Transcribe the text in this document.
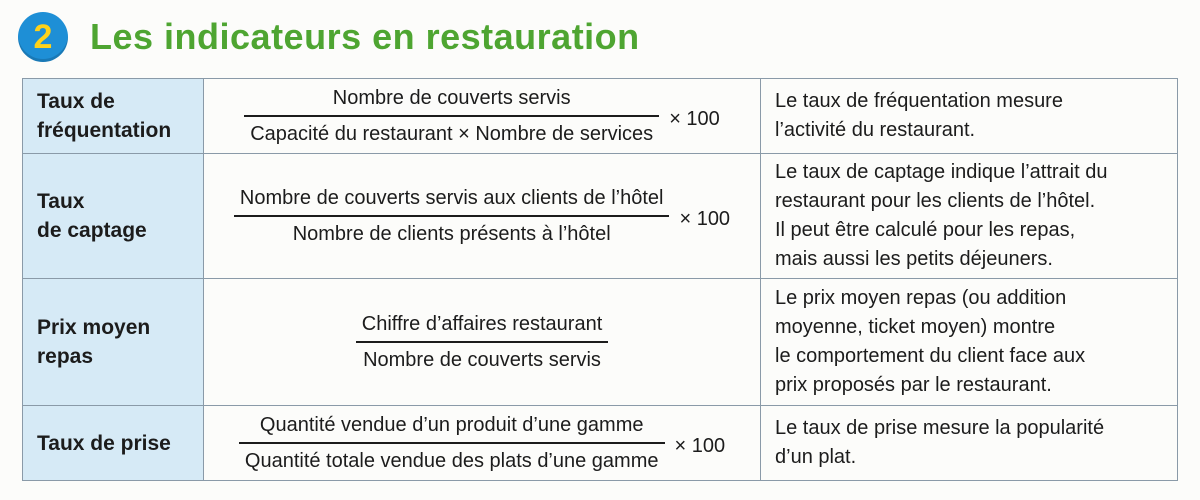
2	Les indicateurs en restauration
Taux de
fréquentation	$\frac{\text{Nombre de couverts servis}}{\text{Capacité du restaurant × Nombre de services}} \times 100$	Le taux de fréquentation mesure
l’activité du restaurant.

Taux
de captage	$\frac{\text{Nombre de couverts servis aux clients de l’hôtel}}{\text{Nombre de clients présents à l’hôtel}} \times 100$	Le taux de captage indique l’attrait du
restaurant pour les clients de l’hôtel.
Il peut être calculé pour les repas,
mais aussi les petits déjeuners.

Prix moyen
repas	$\frac{\text{Chiffre d’affaires restaurant}}{\text{Nombre de couverts servis}}$	Le prix moyen repas (ou addition
moyenne, ticket moyen) montre
le comportement du client face aux
prix proposés par le restaurant.

Taux de prise	$\frac{\text{Quantité vendue d’un produit d’une gamme}}{\text{Quantité totale vendue des plats d’une gamme}} \times 100$	Le taux de prise mesure la popularité
d’un plat.
